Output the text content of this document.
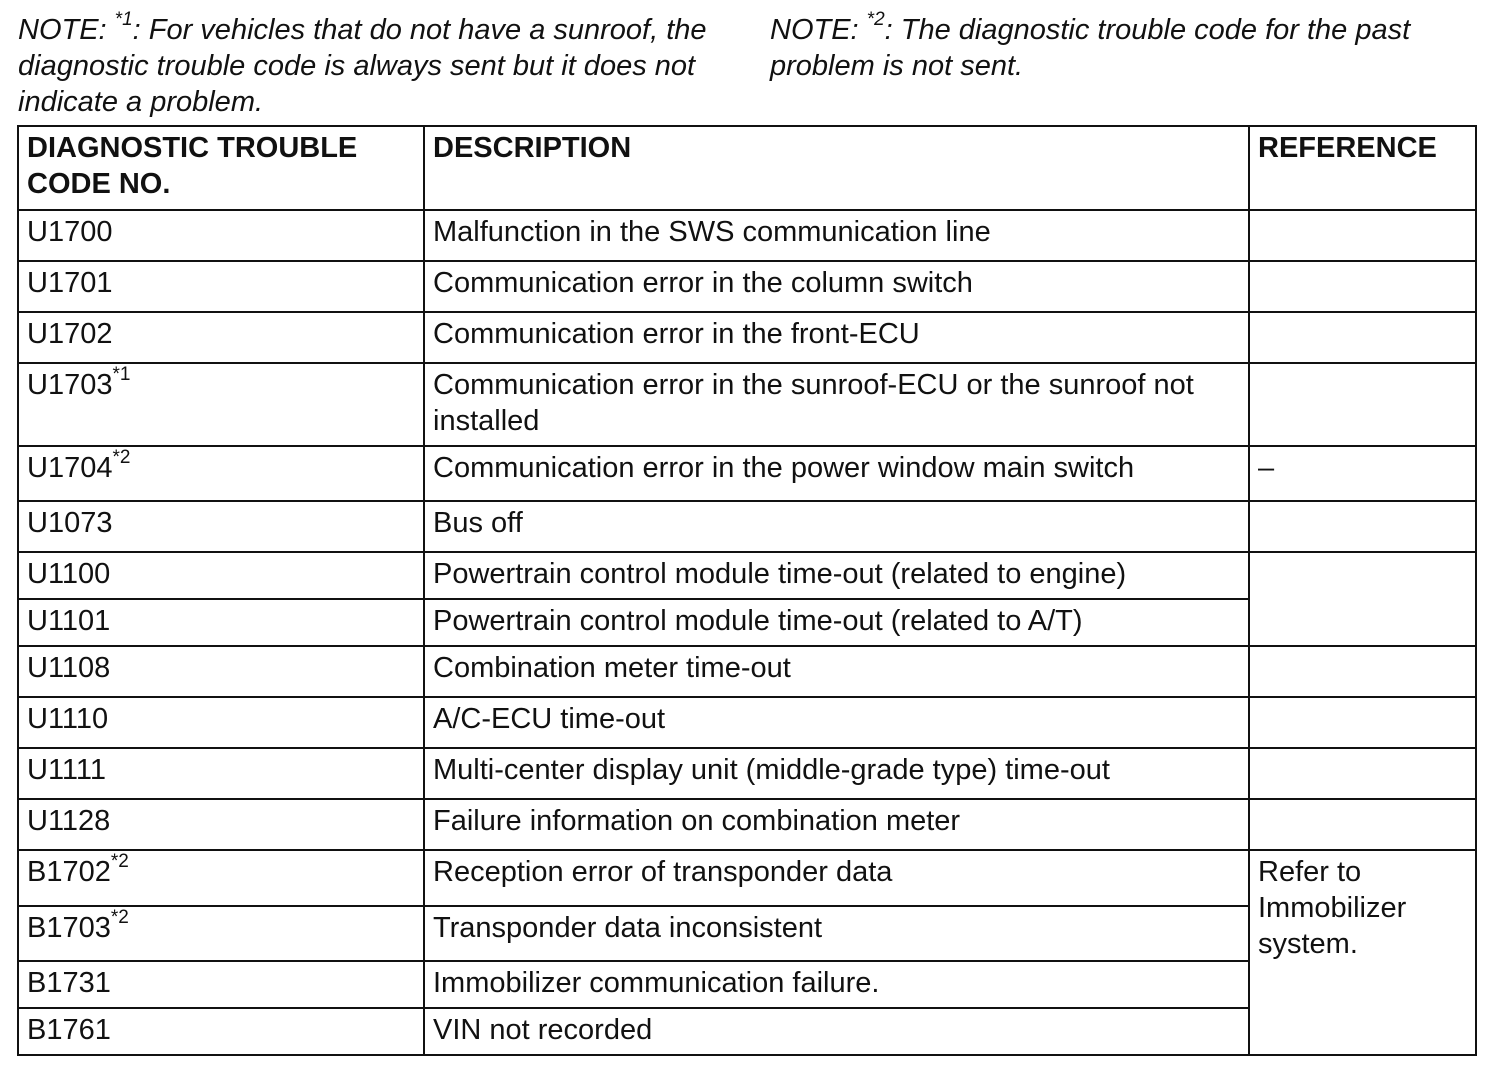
NOTE: $^{*1}$: For vehicles that do not have a sunroof, the diagnostic trouble code is always sent but it does not indicate a problem.
NOTE: $^{*2}$: The diagnostic trouble code for the past problem is not sent.
DIAGNOSTIC TROUBLE CODE NO.	DESCRIPTION	REFERENCE
U1700	Malfunction in the SWS communication line	
U1701	Communication error in the column switch	
U1702	Communication error in the front-ECU	
U1703$^{*1}$	Communication error in the sunroof-ECU or the sunroof not installed	
U1704$^{*2}$	Communication error in the power window main switch	–
U1073	Bus off	
U1100	Powertrain control module time-out (related to engine)	
U1101	Powertrain control module time-out (related to A/T)	
U1108	Combination meter time-out	
U1110	A/C-ECU time-out	
U1111	Multi-center display unit (middle-grade type) time-out	
U1128	Failure information on combination meter	
B1702$^{*2}$	Reception error of transponder data	Refer to Immobilizer system.
B1703$^{*2}$	Transponder data inconsistent	
B1731	Immobilizer communication failure.	
B1761	VIN not recorded	
